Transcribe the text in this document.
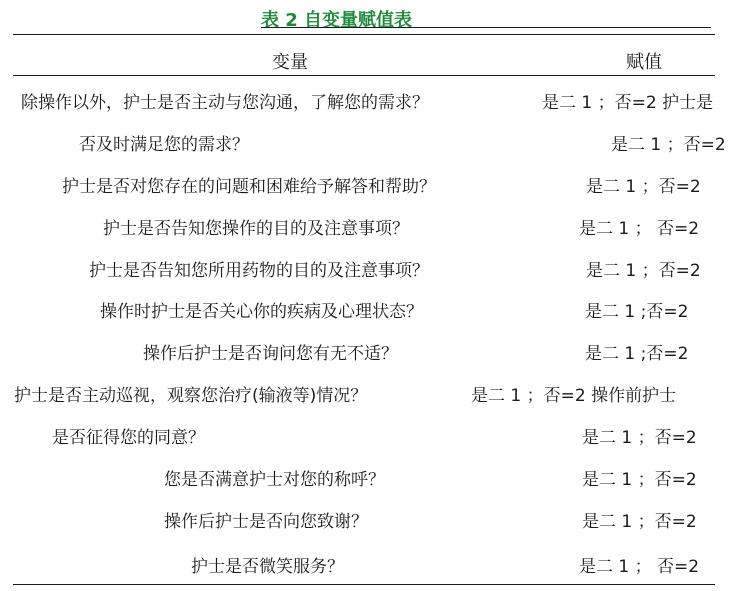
表 2 自变量赋值表
变量	赋值
除操作以外，护士是否主动与您沟通，了解您的需求？	是二 1 ；否=2 护士是
否及时满足您的需求？	是二 1 ；否=2
护士是否对您存在的问题和困难给予解答和帮助？	是二 1 ；否=2
护士是否告知您操作的目的及注意事项？	是二 1 ； 否=2
护士是否告知您所用药物的目的及注意事项？	是二 1 ；否=2
操作时护士是否关心你的疾病及心理状态？	是二 1 ;否=2
操作后护士是否询问您有无不适？	是二 1 ;否=2
护士是否主动巡视，观察您治疗(输液等)情况？	是二 1 ；否=2 操作前护士
是否征得您的同意？	是二 1 ；否=2
您是否满意护士对您的称呼？	是二 1 ；否=2
操作后护士是否向您致谢？	是二 1 ；否=2
护士是否微笑服务？	是二 1 ； 否=2
